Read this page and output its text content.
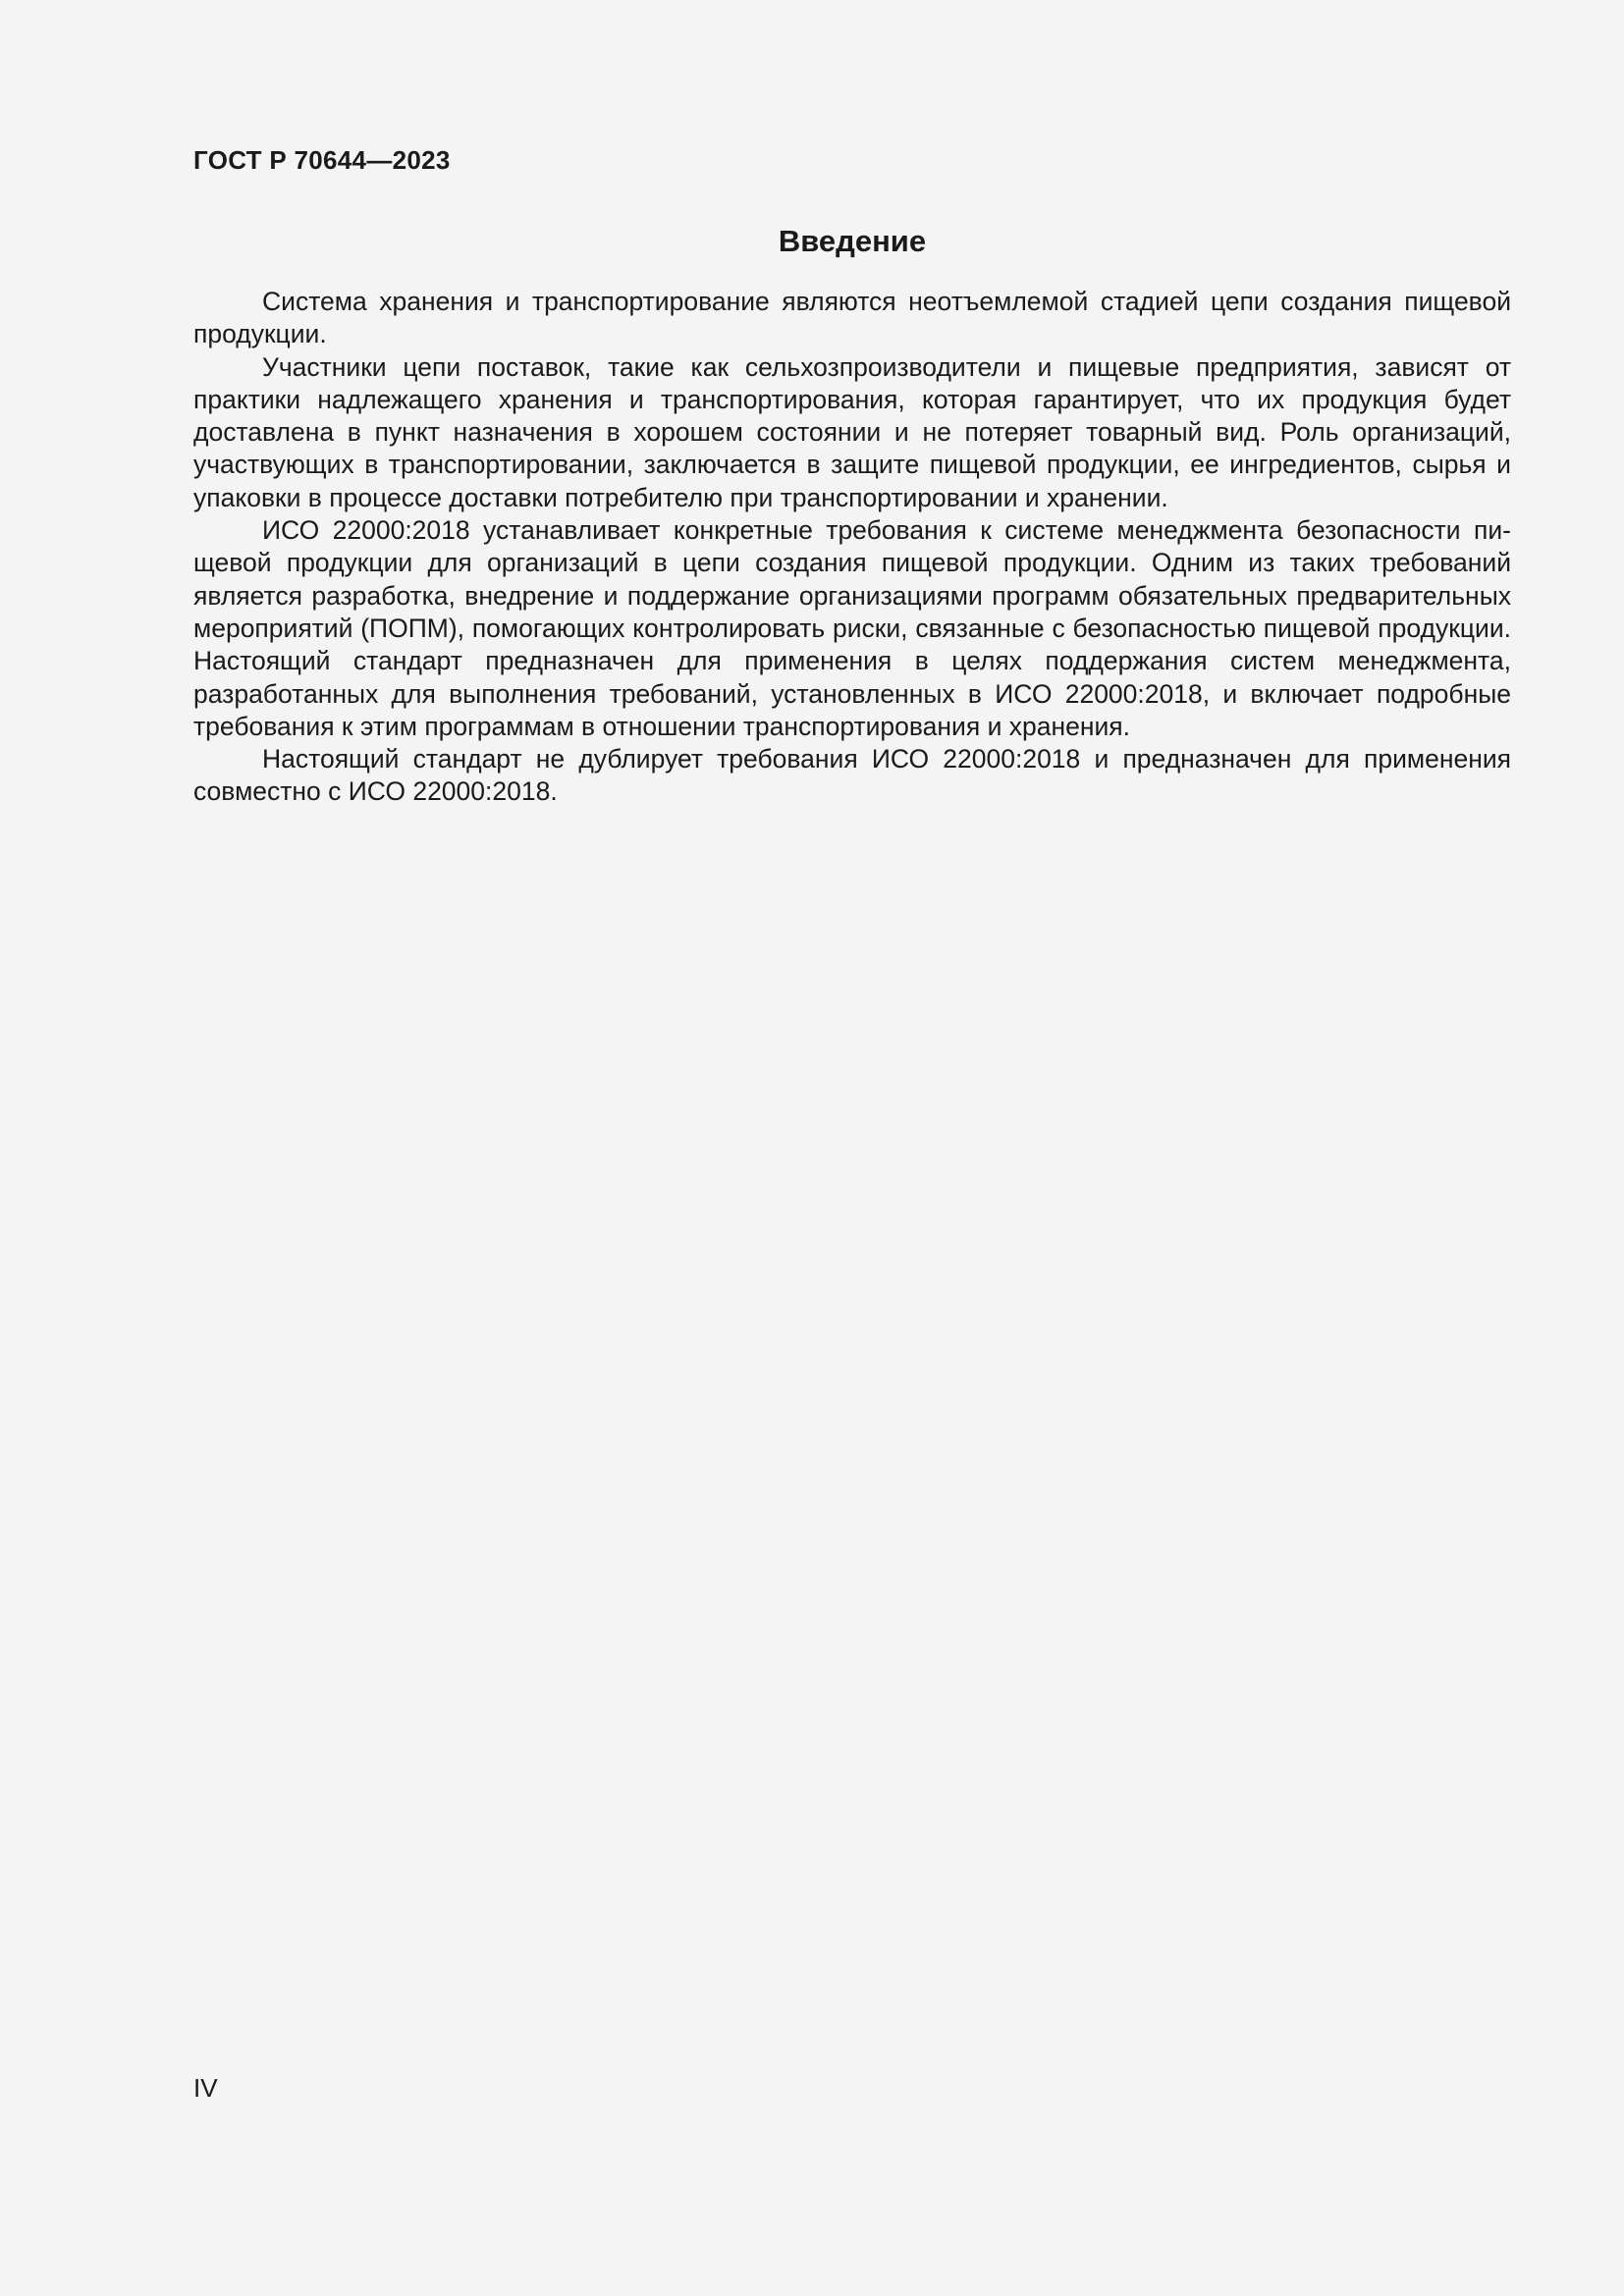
ГОСТ Р 70644—2023

Введение

Система хранения и транспортирование являются неотъемлемой стадией цепи создания пищевой продукции.

Участники цепи поставок, такие как сельхозпроизводители и пищевые предприятия, зависят от практики надлежащего хранения и транспортирования, которая гарантирует, что их продукция будет доставлена в пункт назначения в хорошем состоянии и не потеряет товарный вид. Роль организаций, участвующих в транспортировании, заключается в защите пищевой продукции, ее ингредиентов, сырья и упаковки в процессе доставки потребителю при транспортировании и хранении.

ИСО 22000:2018 устанавливает конкретные требования к системе менеджмента безопасности пищевой продукции для организаций в цепи создания пищевой продукции. Одним из таких требований является разработка, внедрение и поддержание организациями программ обязательных предварительных мероприятий (ПОПМ), помогающих контролировать риски, связанные с безопасностью пищевой продукции. Настоящий стандарт предназначен для применения в целях поддержания систем менеджмента, разработанных для выполнения требований, установленных в ИСО 22000:2018, и включает подробные требования к этим программам в отношении транспортирования и хранения.

Настоящий стандарт не дублирует требования ИСО 22000:2018 и предназначен для применения совместно с ИСО 22000:2018.

IV
